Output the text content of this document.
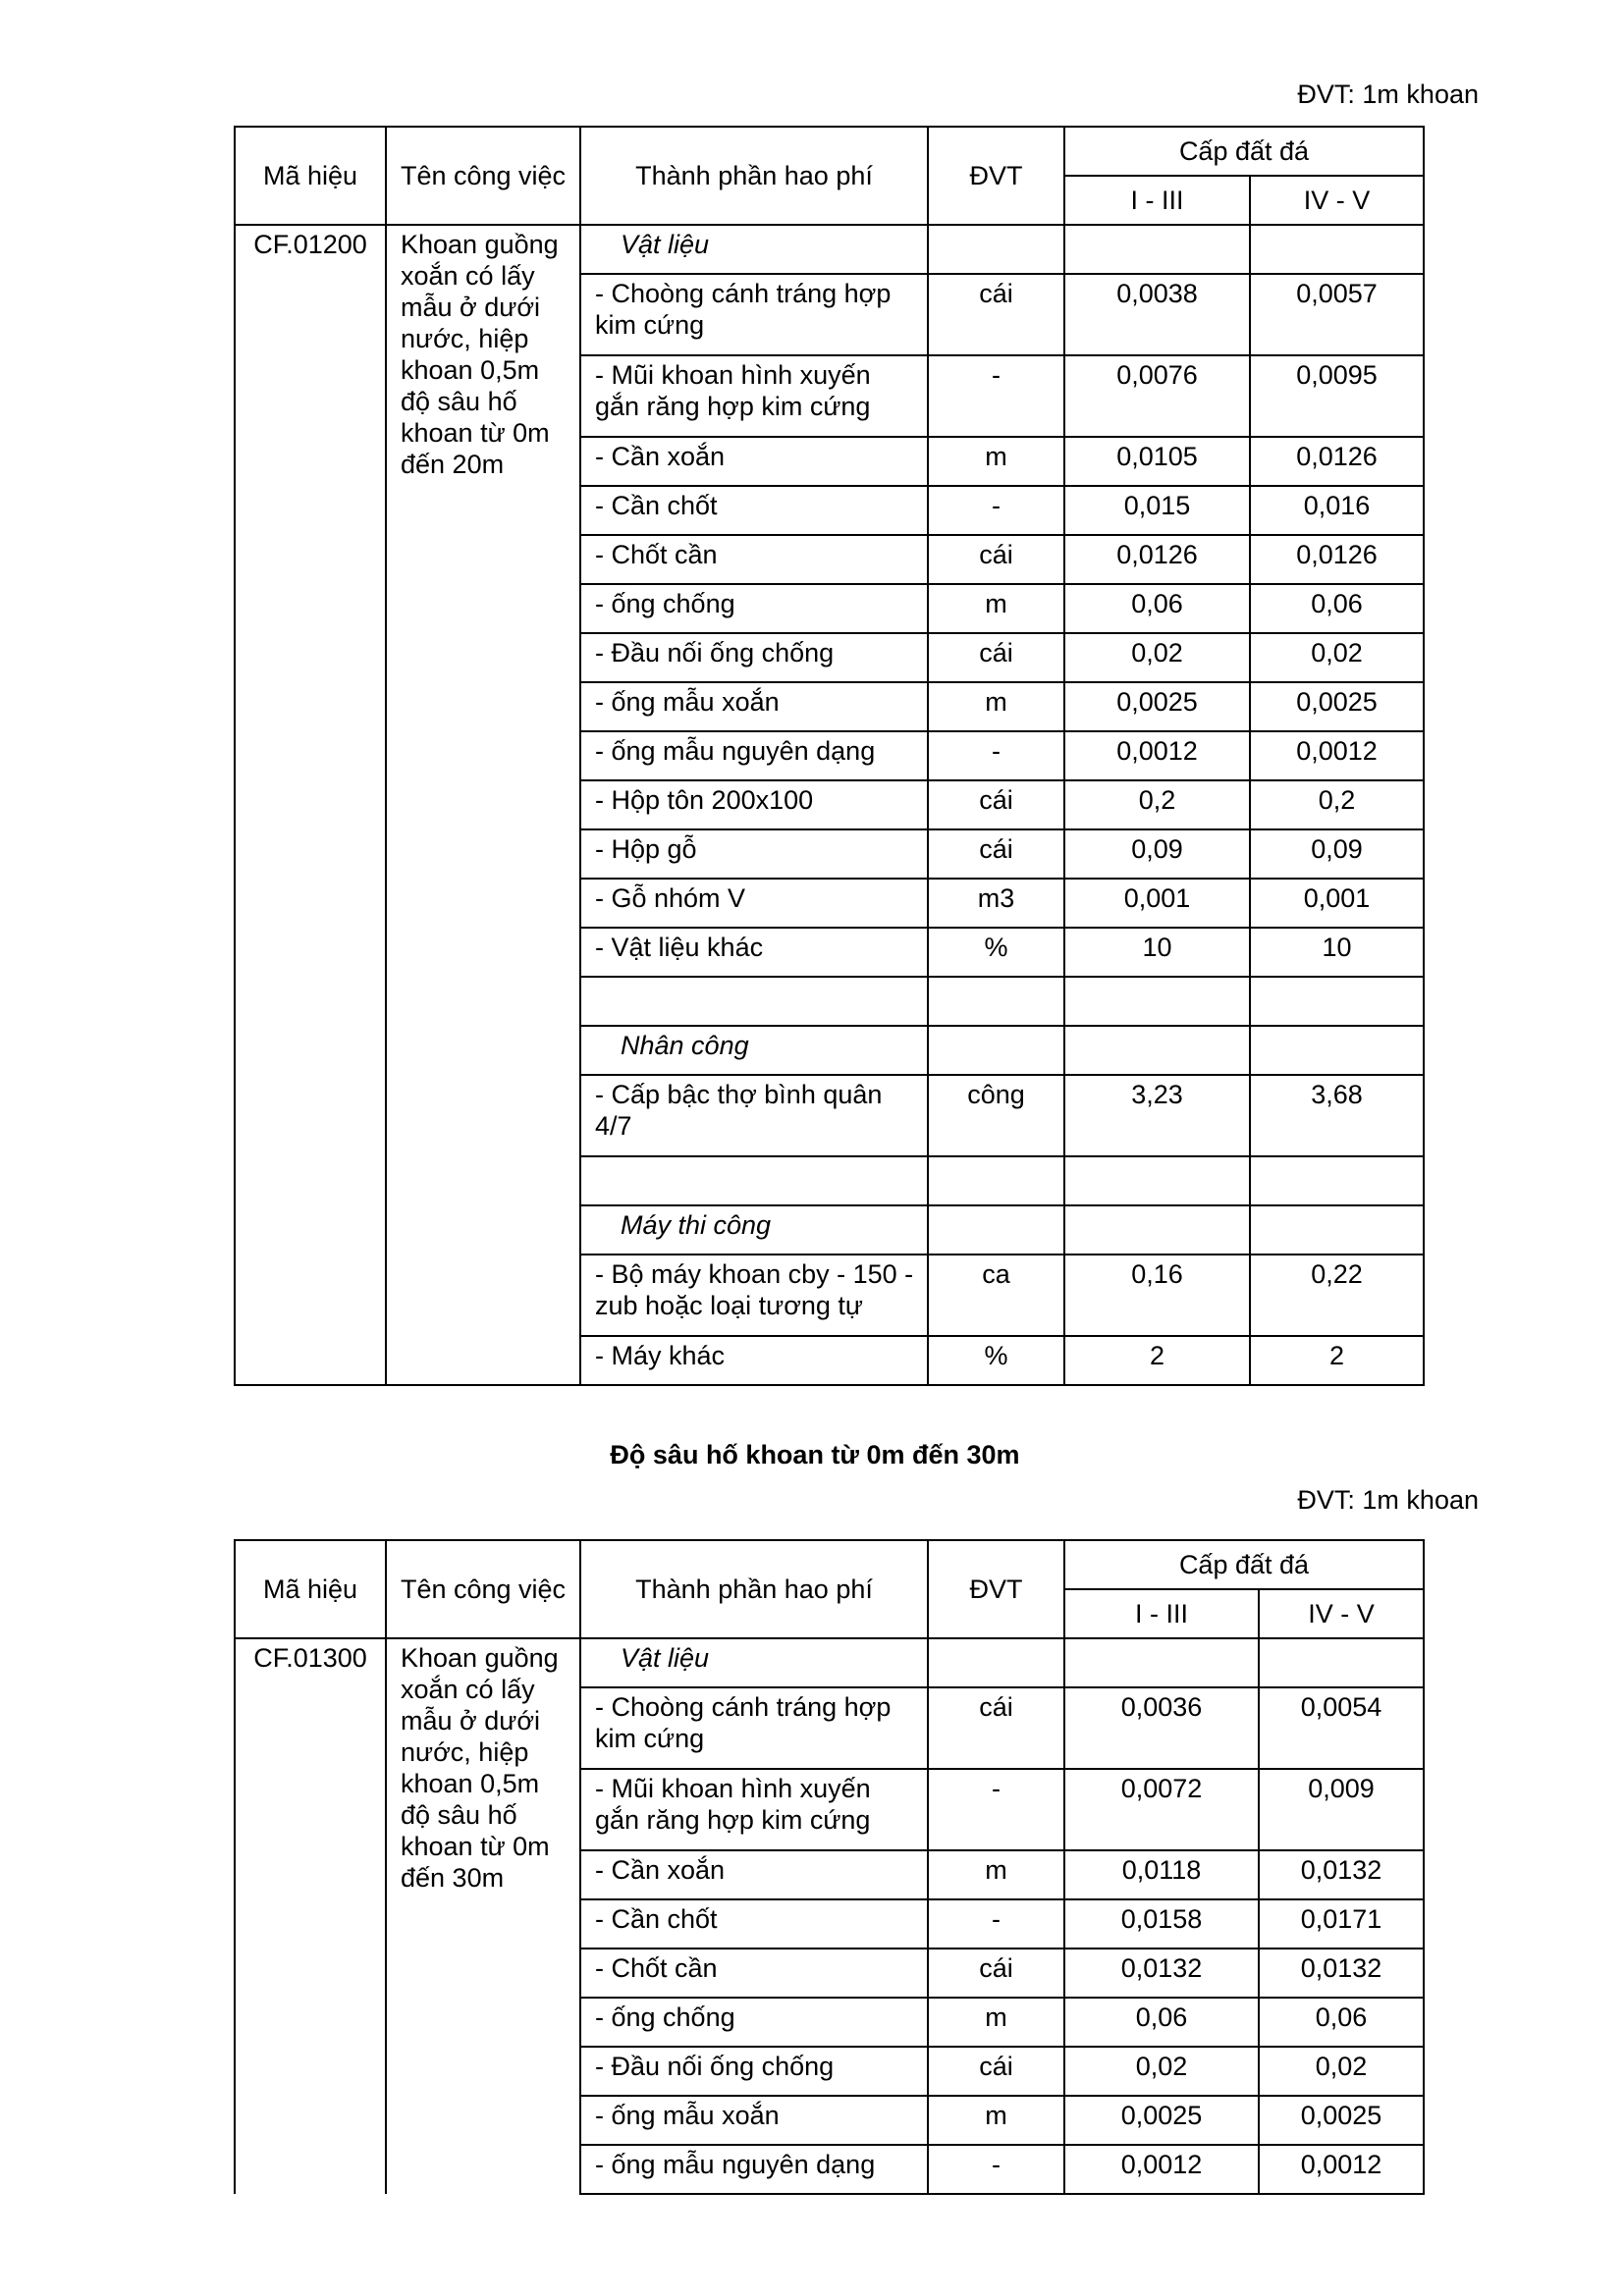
ĐVT: 1m khoan
Mã hiệu	Tên công việc	Thành phần hao phí	ĐVT	Cấp đất đá	
				I - III	IV - V
CF.01200	Khoan guồng xoắn có lấy mẫu ở dưới nước, hiệp khoan 0,5m độ sâu hố khoan từ 0m đến 20m	Vật liệu			
		- Choòng cánh tráng hợp kim cứng	cái	0,0038	0,0057
		- Mũi khoan hình xuyến gắn răng hợp kim cứng	-	0,0076	0,0095
		- Cần xoắn	m	0,0105	0,0126
		- Cần chốt	-	0,015	0,016
		- Chốt cần	cái	0,0126	0,0126
		- ống chống	m	0,06	0,06
		- Đầu nối ống chống	cái	0,02	0,02
		- ống mẫu xoắn	m	0,0025	0,0025
		- ống mẫu nguyên dạng	-	0,0012	0,0012
		- Hộp tôn 200x100	cái	0,2	0,2
		- Hộp gỗ	cái	0,09	0,09
		- Gỗ nhóm V	m3	0,001	0,001
		- Vật liệu khác	%	10	10

		Nhân công			
		- Cấp bậc thợ bình quân 4/7	công	3,23	3,68

		Máy thi công			
		- Bộ máy khoan cby - 150 - zub hoặc loại tương tự	ca	0,16	0,22
		- Máy khác	%	2	2
Độ sâu hố khoan từ 0m đến 30m
ĐVT: 1m khoan
Mã hiệu	Tên công việc	Thành phần hao phí	ĐVT	Cấp đất đá	
				I - III	IV - V
CF.01300	Khoan guồng xoắn có lấy mẫu ở dưới nước, hiệp khoan 0,5m độ sâu hố khoan từ 0m đến 30m	Vật liệu			
		- Choòng cánh tráng hợp kim cứng	cái	0,0036	0,0054
		- Mũi khoan hình xuyến gắn răng hợp kim cứng	-	0,0072	0,009
		- Cần xoắn	m	0,0118	0,0132
		- Cần chốt	-	0,0158	0,0171
		- Chốt cần	cái	0,0132	0,0132
		- ống chống	m	0,06	0,06
		- Đầu nối ống chống	cái	0,02	0,02
		- ống mẫu xoắn	m	0,0025	0,0025
		- ống mẫu nguyên dạng	-	0,0012	0,0012
